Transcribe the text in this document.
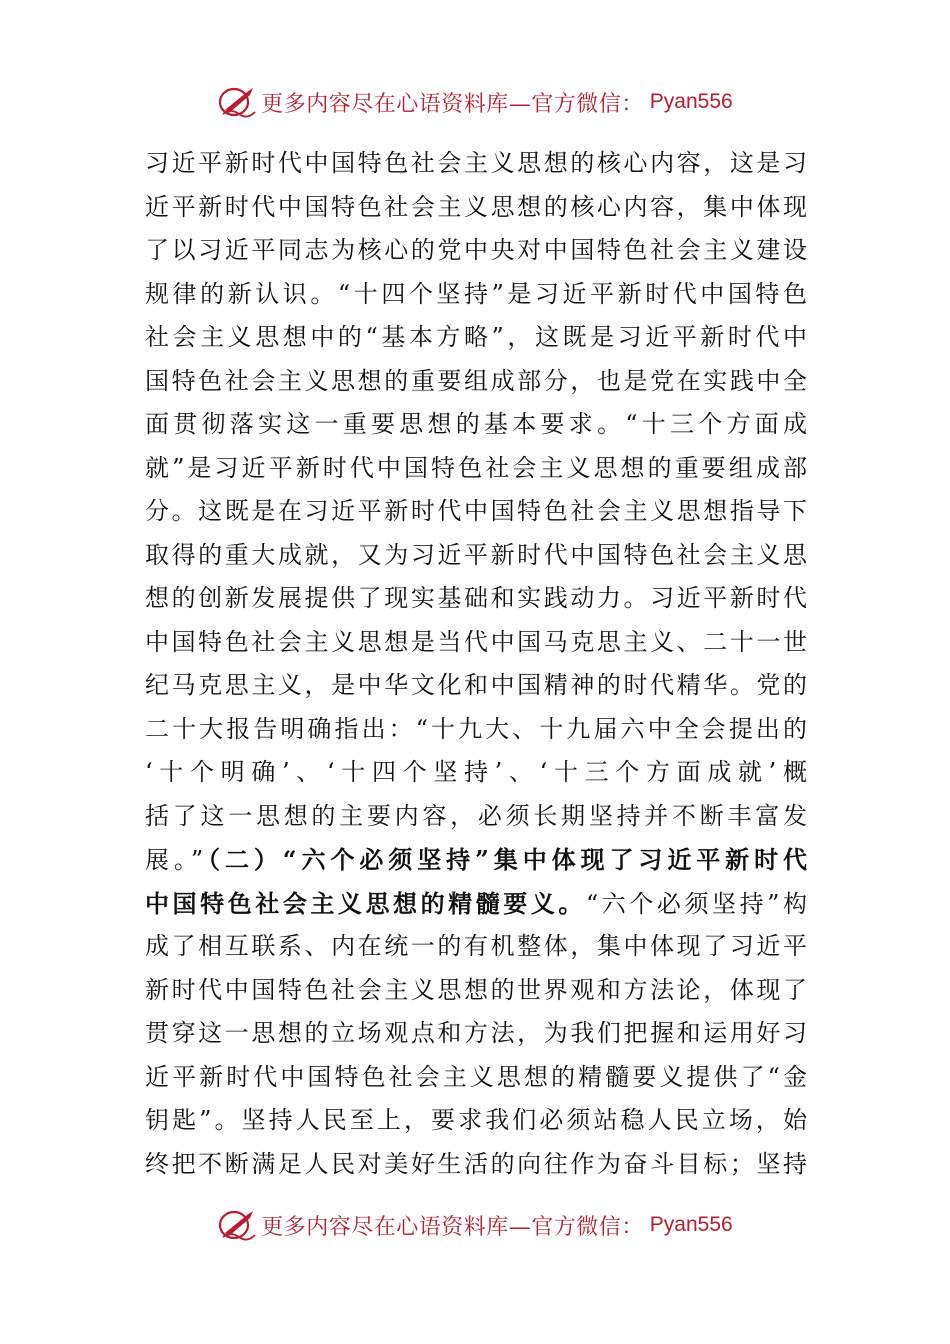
更多内容尽在心语资料库—官方微信： Pyan556
习近平新时代中国特色社会主义思想的核心内容，这是习
近平新时代中国特色社会主义思想的核心内容，集中体现
了以习近平同志为核心的党中央对中国特色社会主义建设
规律的新认识。“十四个坚持”是习近平新时代中国特色
社会主义思想中的“基本方略”，这既是习近平新时代中
国特色社会主义思想的重要组成部分，也是党在实践中全
面贯彻落实这一重要思想的基本要求。“十三个方面成
就”是习近平新时代中国特色社会主义思想的重要组成部
分。这既是在习近平新时代中国特色社会主义思想指导下
取得的重大成就，又为习近平新时代中国特色社会主义思
想的创新发展提供了现实基础和实践动力。习近平新时代
中国特色社会主义思想是当代中国马克思主义、二十一世
纪马克思主义，是中华文化和中国精神的时代精华。党的
二十大报告明确指出：“十九大、十九届六中全会提出的
‘十个明确’、‘十四个坚持’、‘十三个方面成就’概
括了这一思想的主要内容，必须长期坚持并不断丰富发
展。”（二）“六个必须坚持”集中体现了习近平新时代
中国特色社会主义思想的精髓要义。“六个必须坚持”构
成了相互联系、内在统一的有机整体，集中体现了习近平
新时代中国特色社会主义思想的世界观和方法论，体现了
贯穿这一思想的立场观点和方法，为我们把握和运用好习
近平新时代中国特色社会主义思想的精髓要义提供了“金
钥匙”。坚持人民至上，要求我们必须站稳人民立场，始
终把不断满足人民对美好生活的向往作为奋斗目标；坚持
更多内容尽在心语资料库—官方微信： Pyan556
